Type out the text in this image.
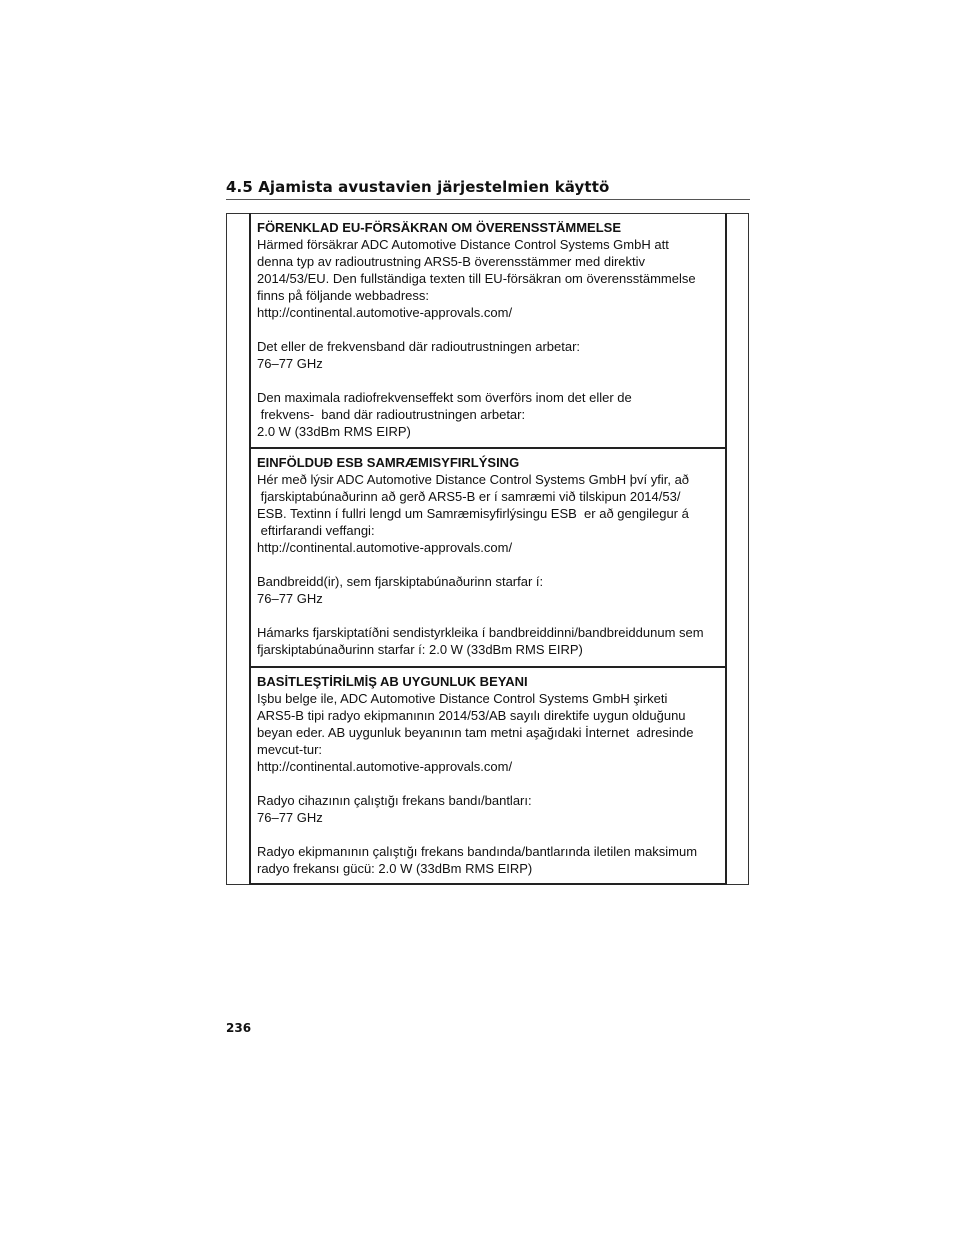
4.5 Ajamista avustavien järjestelmien käyttö
FÖRENKLAD EU-FÖRSÄKRAN OM ÖVERENSSTÄMMELSE

Härmed försäkrar ADC Automotive Distance Control Systems GmbH att

denna typ av radioutrustning ARS5-B överensstämmer med direktiv

2014/53/EU. Den fullständiga texten till EU-försäkran om överensstämmelse

finns på följande webbadress:

http://continental.automotive-approvals.com/

Det eller de frekvensband där radioutrustningen arbetar:

76–77 GHz

Den maximala radiofrekvenseffekt som överförs inom det eller de

frekvens-  band där radioutrustningen arbetar:

2.0 W (33dBm RMS EIRP)

EINFÖLDUÐ ESB SAMRÆMISYFIRLÝSING

Hér með lýsir ADC Automotive Distance Control Systems GmbH því yfir, að

fjarskiptabúnaðurinn að gerð ARS5-B er í samræmi við tilskipun 2014/53/

ESB. Textinn í fullri lengd um Samræmisyfirlýsingu ESB  er að gengilegur á

eftirfarandi veffangi:

http://continental.automotive-approvals.com/

Bandbreidd(ir), sem fjarskiptabúnaðurinn starfar í:

76–77 GHz

Hámarks fjarskiptatíðni sendistyrkleika í bandbreiddinni/bandbreiddunum sem

fjarskiptabúnaðurinn starfar í: 2.0 W (33dBm RMS EIRP)

BASİTLEŞTİRİLMİŞ AB UYGUNLUK BEYANI

Işbu belge ile, ADC Automotive Distance Control Systems GmbH şirketi

ARS5-B tipi radyo ekipmanının 2014/53/AB sayılı direktife uygun olduğunu

beyan eder. AB uygunluk beyanının tam metni aşağıdaki İnternet  adresinde

mevcut-tur:

http://continental.automotive-approvals.com/

Radyo cihazının çalıştığı frekans bandı/bantları:

76–77 GHz

Radyo ekipmanının çalıştığı frekans bandında/bantlarında iletilen maksimum

radyo frekansı gücü: 2.0 W (33dBm RMS EIRP)

236
